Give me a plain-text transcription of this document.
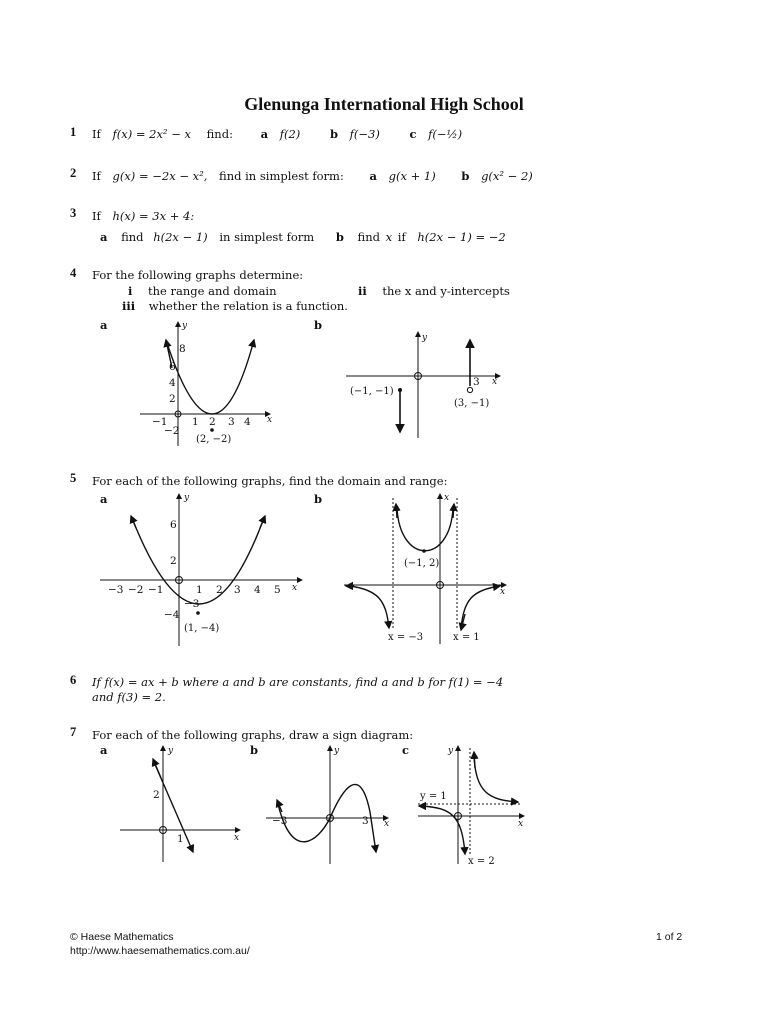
Glenunga International High School
1 If f(x) = 2x² − x find: a f(2)	b f(−3)	c f(−½)
2 If g(x) = −2x − x², find in simplest form: a g(x + 1) b g(x² − 2)
3 If h(x) = 3x + 4:
a find h(2x − 1) in simplest form b find x if h(2x − 1) = −2
4 For the following graphs determine:
i the range and domain	ii the x and y-intercepts
iii whether the relation is a function.
a	b
y
x
8
6
4
2
−2
−1 1 2 3 4
(2, −2)
y
x
(−1, −1)
3
(3, −1)
5 For each of the following graphs, find the domain and range:
a	b
y
x
6
2
−3 −2 −1	1 2 3 4 5
−3
−4
(1, −4)
x
x
(−1, 2)
x = −3	x = 1
6 If f(x) = ax + b where a and b are constants, find a and b for f(1) = −4
and f(3) = 2.
7 For each of the following graphs, draw a sign diagram:
a	b	c
y
x
2
1
y
x
−3	3
y
x
y = 1
x = 2
© Haese Mathematics
http://www.haesemathematics.com.au/
1 of 2
